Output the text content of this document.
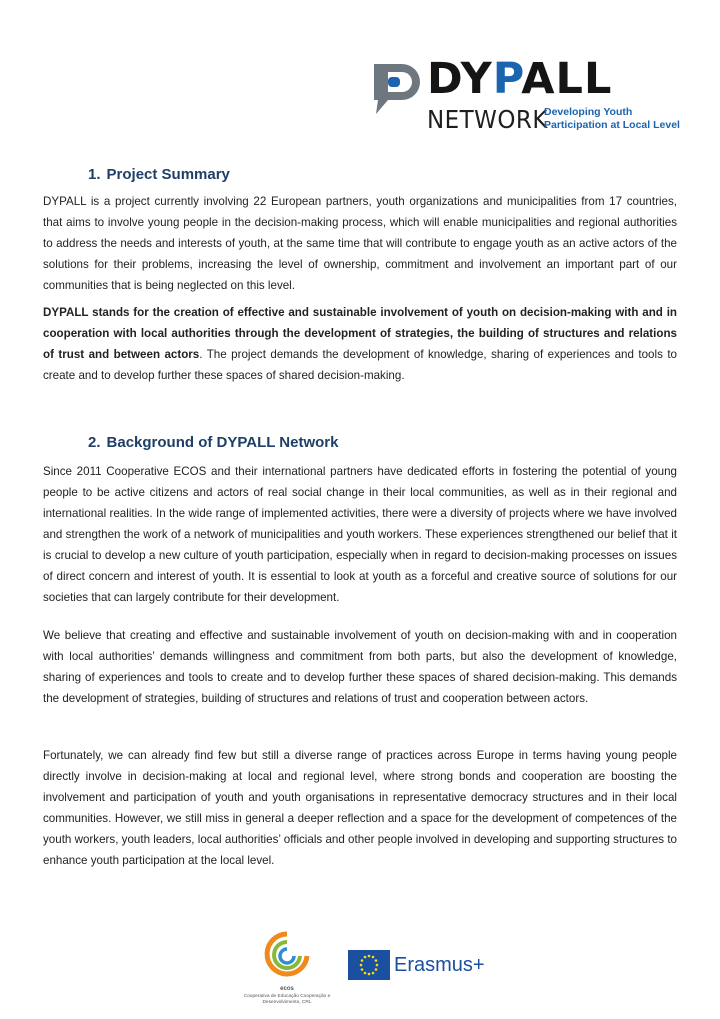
DYPALL
NETWORK
Developing Youth
Participation at Local Level
1. Project Summary
DYPALL is a project currently involving 22 European partners, youth organizations and municipalities from 17 countries, that aims to involve young people in the decision-making process, which will enable municipalities and regional authorities to address the needs and interests of youth, at the same time that will contribute to engage youth as an active actors of the solutions for their problems, increasing the level of ownership, commitment and involvement an important part of our communities that is being neglected on this level.
DYPALL stands for the creation of effective and sustainable involvement of youth on decision-making with and in cooperation with local authorities through the development of strategies, the building of structures and relations of trust and between actors. The project demands the development of knowledge, sharing of experiences and tools to create and to develop further these spaces of shared decision-making.
2. Background of DYPALL Network
Since 2011 Cooperative ECOS and their international partners have dedicated efforts in fostering the potential of young people to be active citizens and actors of real social change in their local communities, as well as in their regional and international realities. In the wide range of implemented activities, there were a diversity of projects where we have involved and strengthen the work of a network of municipalities and youth workers. These experiences strengthened our belief that it is crucial to develop a new culture of youth participation, especially when in regard to decision-making processes on issues of direct concern and interest of youth. It is essential to look at youth as a forceful and creative source of solutions for our societies that can largely contribute for their development.
We believe that creating and effective and sustainable involvement of youth on decision-making with and in cooperation with local authorities’ demands willingness and commitment from both parts, but also the development of knowledge, sharing of experiences and tools to create and to develop further these spaces of shared decision-making. This demands the development of strategies, building of structures and relations of trust and cooperation between actors.
Fortunately, we can already find few but still a diverse range of practices across Europe in terms having young people directly involve in decision-making at local and regional level, where strong bonds and cooperation are boosting the involvement and participation of youth and youth organisations in representative democracy structures and in their local communities. However, we still miss in general a deeper reflection and a space for the development of competences of the youth workers, youth leaders, local authorities’ officials and other people involved in developing and supporting structures to enhance youth participation at the local level.
ecos
Cooperativa de Educação Cooperação e
Desenvolvimento, CRL
Erasmus+
